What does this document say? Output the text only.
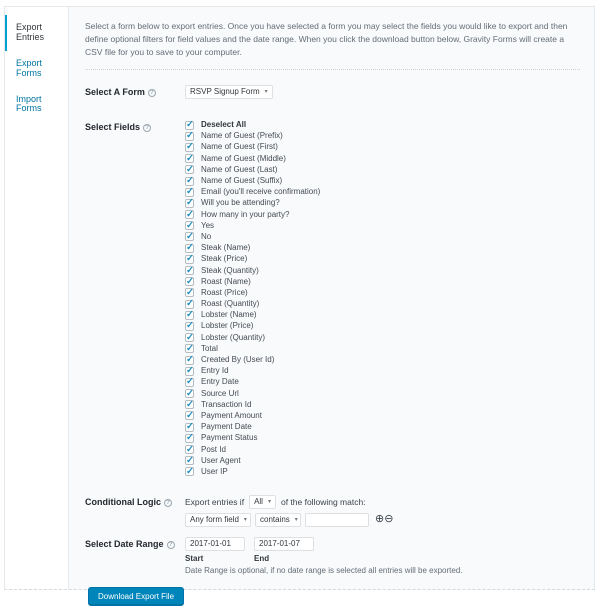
Export Entries
Export Forms
Import Forms
Select a form below to export entries. Once you have selected a form you may select the fields you would like to export and then define optional filters for field values and the date range. When you click the download button below, Gravity Forms will create a CSV file for you to save to your computer.
Select A Form ?	RSVP Signup Form ▾
Select Fields ? ✓	Deselect All
✓
Name of Guest (Prefix)
✓
Name of Guest (First)
✓
Name of Guest (Middle)
✓
Name of Guest (Last)
✓
Name of Guest (Suffix)
✓
Email (you'll receive confirmation)
✓
Will you be attending?
✓
How many in your party?
✓
Yes
✓
No
✓
Steak (Name)
✓
Steak (Price)
✓
Steak (Quantity)
✓
Roast (Name)
✓
Roast (Price)
✓
Roast (Quantity)
✓
Lobster (Name)
✓
Lobster (Price)
✓
Lobster (Quantity)
✓
Total
✓
Created By (User Id)
✓
Entry Id
✓
Entry Date
✓
Source Url
✓
Transaction Id
✓
Payment Amount
✓
Payment Date
✓
Payment Status
✓
Post Id
✓
User Agent
✓
User IP
Conditional Logic ?	Export entries if All ▾ of the following match:
Any form field ▾ contains ▾	⊕ ⊖
Select Date Range ?
2017-01-01
2017-01-07
Start	End
Date Range is optional, if no date range is selected all entries will be exported.
Download Export File
